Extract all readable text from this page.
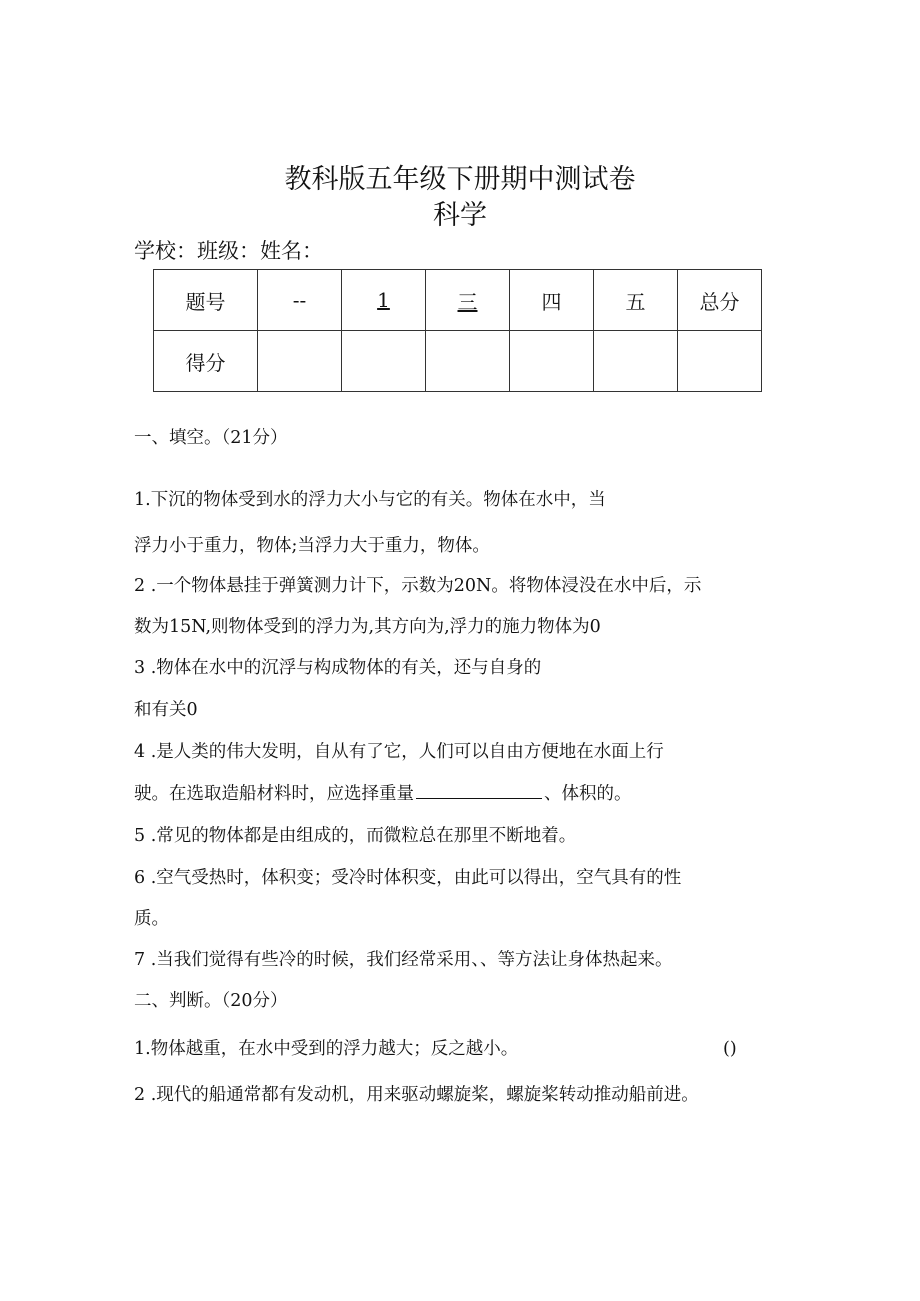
教科版五年级下册期中测试卷
科学
学校：班级：姓名：
题号	--	1	三	四	五	总分
得分						
一、填空。（21分）
1.下沉的物体受到水的浮力大小与它的有关。物体在水中，当
浮力小于重力，物体;当浮力大于重力，物体。
2 .一个物体悬挂于弹簧测力计下，示数为20N。将物体浸没在水中后，示
数为15N,则物体受到的浮力为,其方向为,浮力的施力物体为0
3 .物体在水中的沉浮与构成物体的有关，还与自身的
和有关0
4 .是人类的伟大发明，自从有了它，人们可以自由方便地在水面上行
驶。在选取造船材料时，应选择重量	、体积的。
5 .常见的物体都是由组成的，而微粒总在那里不断地着。
6 .空气受热时，体积变；受冷时体积变，由此可以得出，空气具有的性
质。
7 .当我们觉得有些冷的时候，我们经常采用、、等方法让身体热起来。
二、判断。（20分）
1.物体越重，在水中受到的浮力越大；反之越小。	()
2 .现代的船通常都有发动机，用来驱动螺旋桨，螺旋桨转动推动船前进。
